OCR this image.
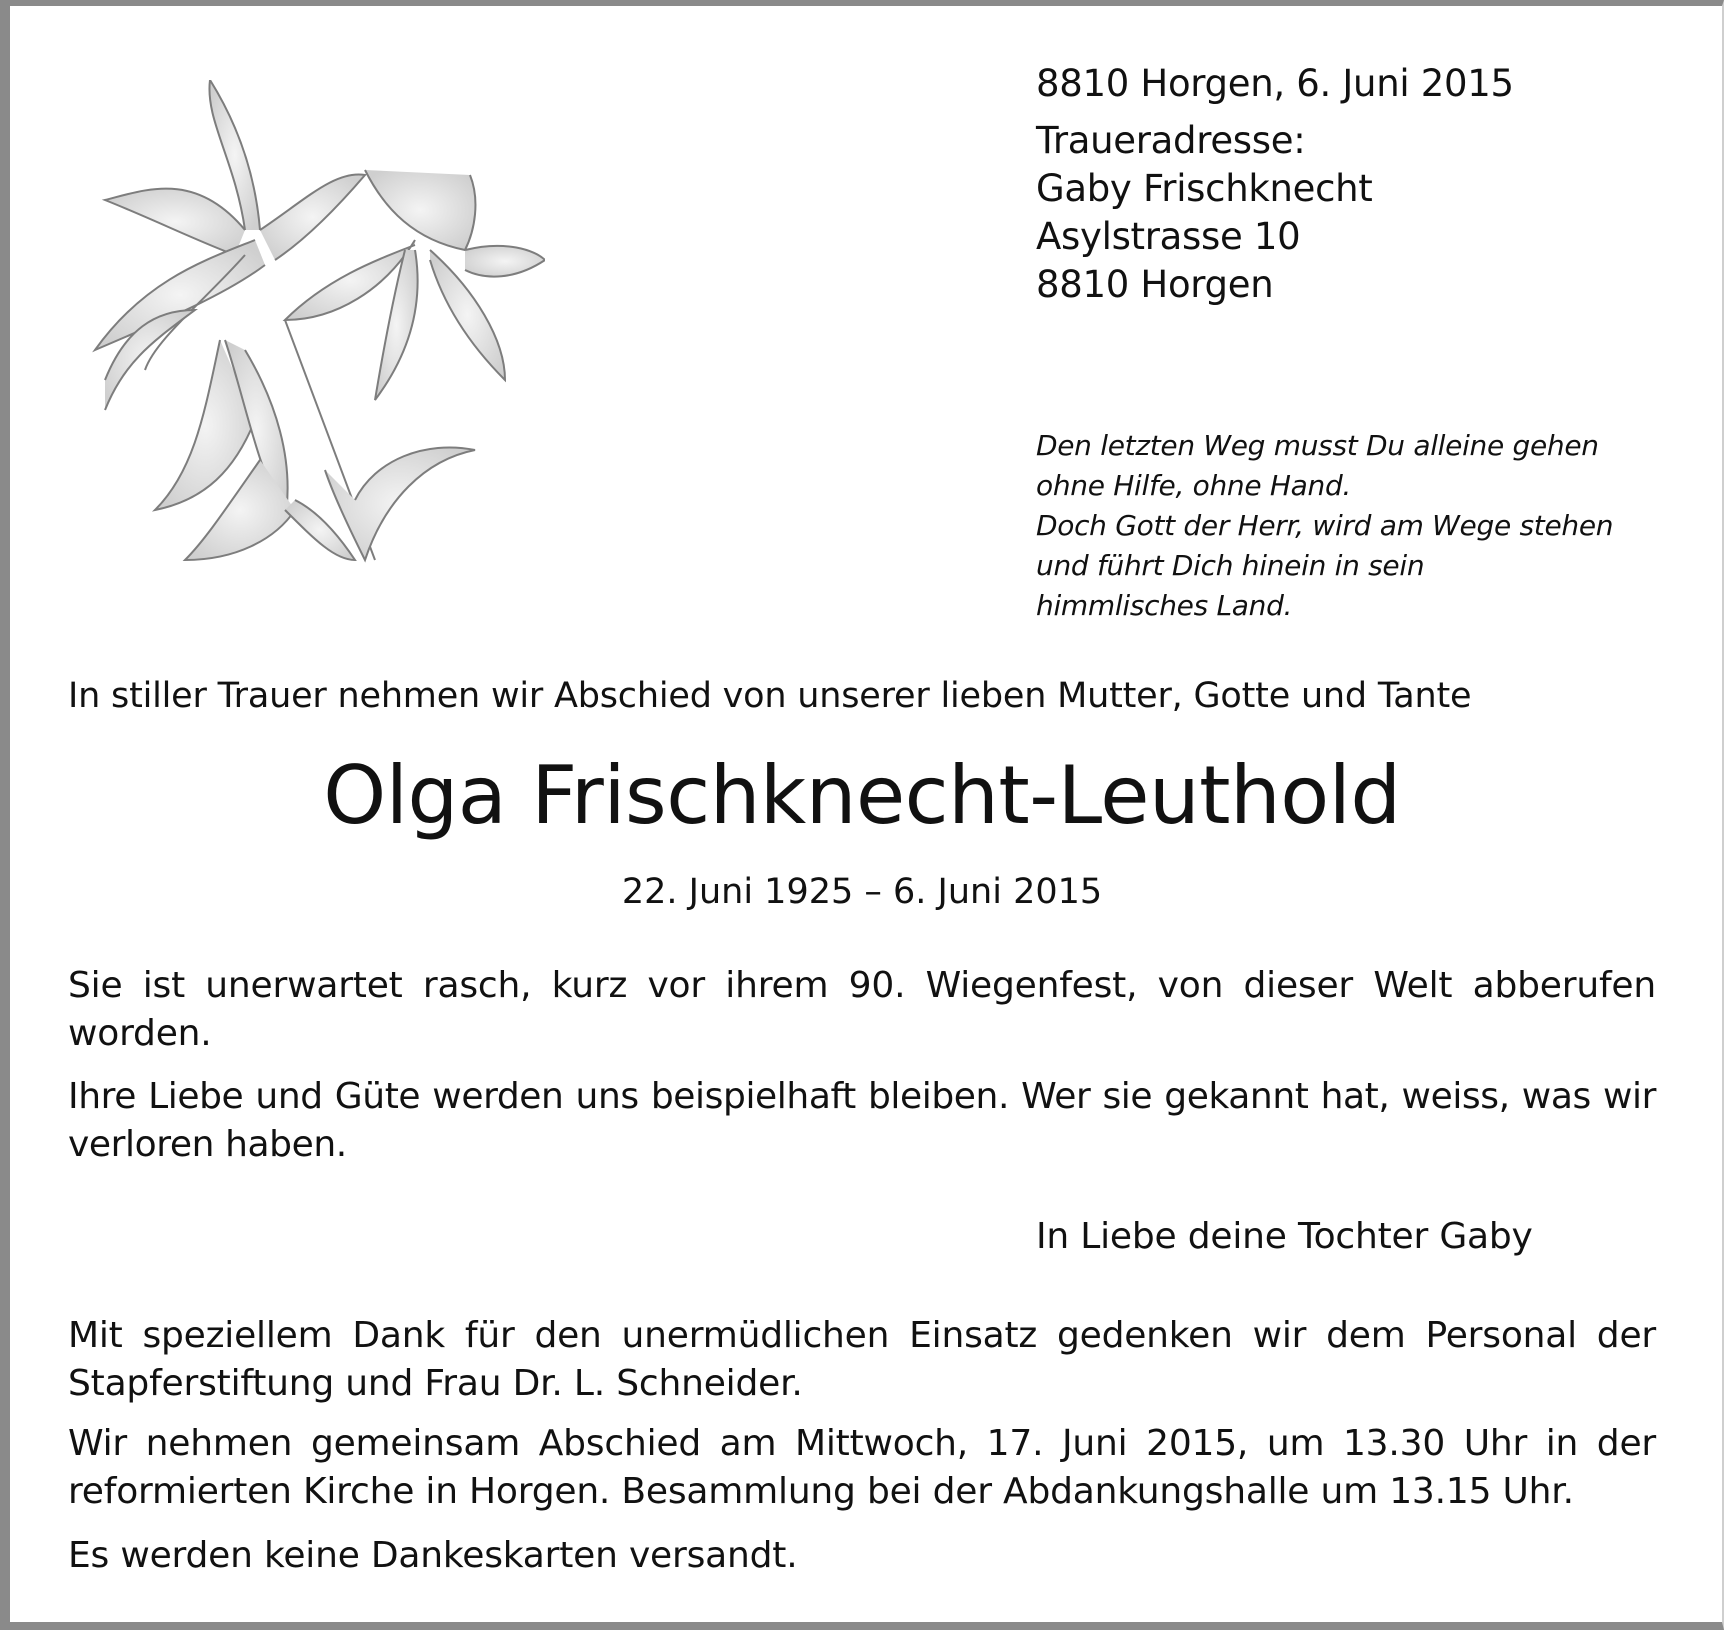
8810 Horgen, 6. Juni 2015
Traueradresse:
Gaby Frischknecht
Asylstrasse 10
8810 Horgen
Den letzten Weg musst Du alleine gehen
ohne Hilfe, ohne Hand.
Doch Gott der Herr, wird am Wege stehen
und führt Dich hinein in sein
himmlisches Land.

In stiller Trauer nehmen wir Abschied von unserer lieben Mutter, Gotte und Tante

Olga Frischknecht-Leuthold

22. Juni 1925 – 6. Juni 2015

Sie ist unerwartet rasch, kurz vor ihrem 90. Wiegenfest, von dieser Welt abberufen worden.

Ihre Liebe und Güte werden uns beispielhaft bleiben. Wer sie gekannt hat, weiss, was wir verloren haben.

In Liebe deine Tochter Gaby

Mit speziellem Dank für den unermüdlichen Einsatz gedenken wir dem Personal der Stapferstiftung und Frau Dr. L. Schneider.

Wir nehmen gemeinsam Abschied am Mittwoch, 17. Juni 2015, um 13.30 Uhr in der reformierten Kirche in Horgen. Besammlung bei der Abdankungshalle um 13.15 Uhr.

Es werden keine Dankeskarten versandt.
